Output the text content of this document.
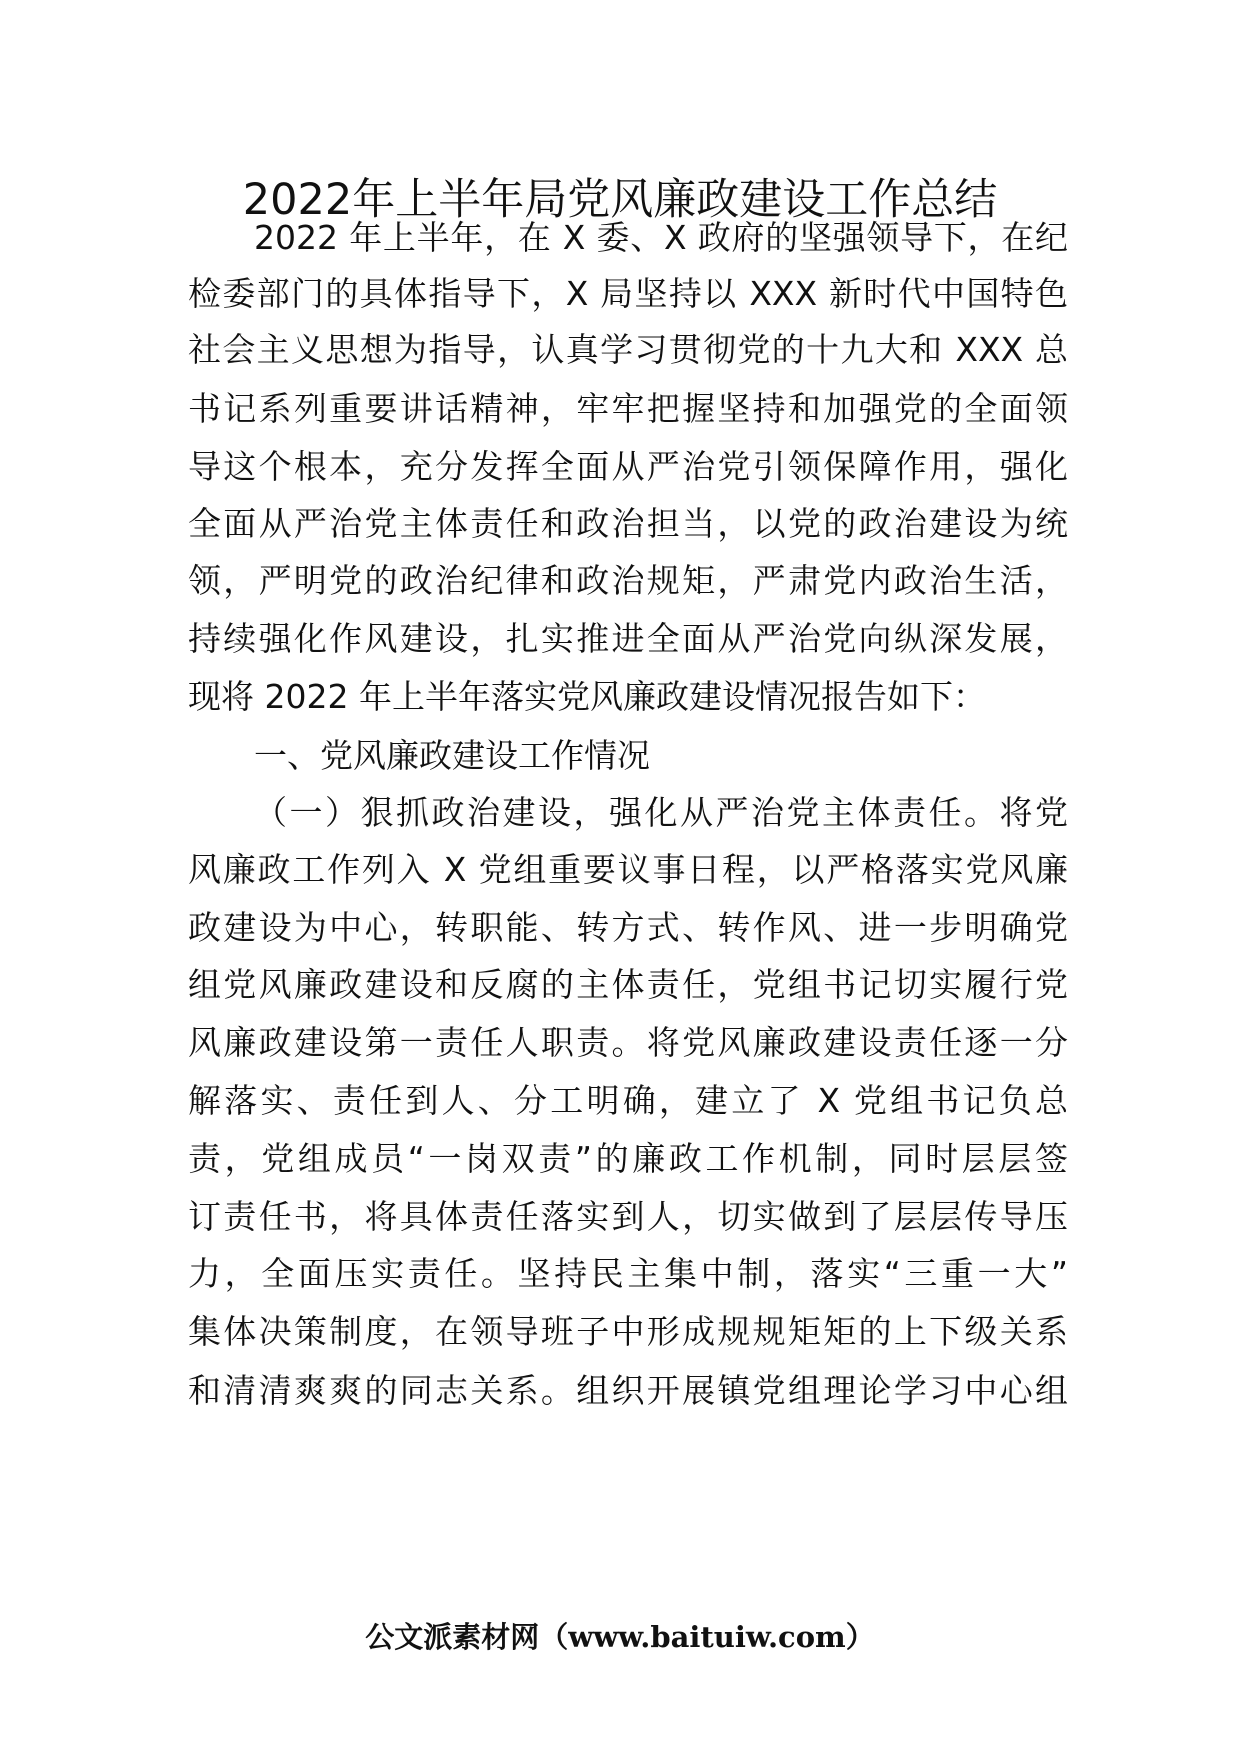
2022年上半年局党风廉政建设工作总结
2022 年上半年，在 X 委、X 政府的坚强领导下，在纪
检委部门的具体指导下，X 局坚持以 XXX 新时代中国特色
社会主义思想为指导，认真学习贯彻党的十九大和 XXX 总
书记系列重要讲话精神，牢牢把握坚持和加强党的全面领
导这个根本，充分发挥全面从严治党引领保障作用，强化
全面从严治党主体责任和政治担当，以党的政治建设为统
领，严明党的政治纪律和政治规矩，严肃党内政治生活，
持续强化作风建设，扎实推进全面从严治党向纵深发展，
现将 2022 年上半年落实党风廉政建设情况报告如下：
一、党风廉政建设工作情况
（一）狠抓政治建设，强化从严治党主体责任。将党
风廉政工作列入 X 党组重要议事日程，以严格落实党风廉
政建设为中心，转职能、转方式、转作风、进一步明确党
组党风廉政建设和反腐的主体责任，党组书记切实履行党
风廉政建设第一责任人职责。将党风廉政建设责任逐一分
解落实、责任到人、分工明确，建立了 X 党组书记负总
责，党组成员“一岗双责”的廉政工作机制，同时层层签
订责任书，将具体责任落实到人，切实做到了层层传导压
力，全面压实责任。坚持民主集中制，落实“三重一大”
集体决策制度，在领导班子中形成规规矩矩的上下级关系
和清清爽爽的同志关系。组织开展镇党组理论学习中心组
公文派素材网（www.baituiw.com）
